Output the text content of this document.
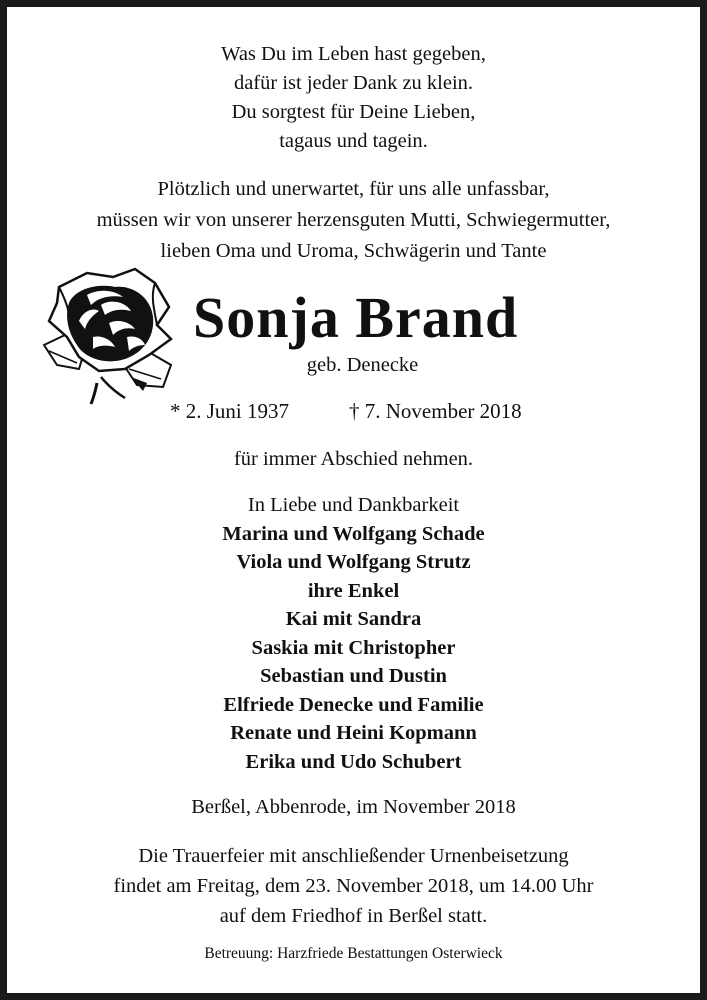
Was Du im Leben hast gegeben,
dafür ist jeder Dank zu klein.
Du sorgtest für Deine Lieben,
tagaus und tagein.
Plötzlich und unerwartet, für uns alle unfassbar,
müssen wir von unserer herzensguten Mutti, Schwiegermutter,
lieben Oma und Uroma, Schwägerin und Tante
Sonja Brand
geb. Denecke
* 2. Juni 1937	† 7. November 2018
für immer Abschied nehmen.
In Liebe und Dankbarkeit
Marina und Wolfgang Schade
Viola und Wolfgang Strutz
ihre Enkel
Kai mit Sandra
Saskia mit Christopher
Sebastian und Dustin
Elfriede Denecke und Familie
Renate und Heini Kopmann
Erika und Udo Schubert
Berßel, Abbenrode, im November 2018
Die Trauerfeier mit anschließender Urnenbeisetzung
findet am Freitag, dem 23. November 2018, um 14.00 Uhr
auf dem Friedhof in Berßel statt.
Betreuung: Harzfriede Bestattungen Osterwieck
